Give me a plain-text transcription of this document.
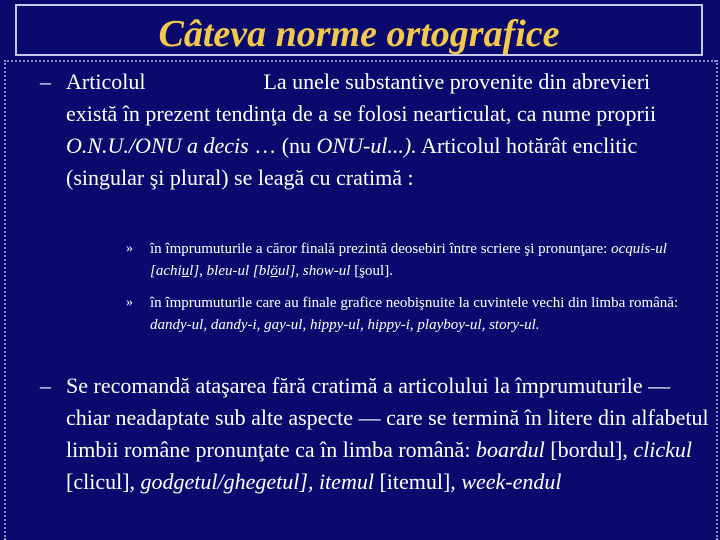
Câteva norme ortografice
– Articolul	La unele substantive provenite din abrevieri există în prezent tendinţa de a se folosi nearticulat, ca nume proprii O.N.U./ONU a decis … (nu ONU-ul...). Articolul hotărât enclitic (singular şi plural) se leagă cu cratimă :
» în împrumuturile a căror finală prezintă deosebiri între scriere şi pronunţare: ocquis-ul [achiul], bleu-ul [blöul], show-ul [şoul].
» în împrumuturile care au finale grafice neobişnuite la cuvintele vechi din limba română: dandy-ul, dandy-i, gay-ul, hippy-ul, hippy-i, playboy-ul, story-ul.
– Se recomandă ataşarea fără cratimă a articolului la împrumuturile — chiar neadaptate sub alte aspecte — care se termină în litere din alfabetul limbii române pronunţate ca în limba română: boardul [bordul], clickul [clicul], godgetul/ghegetul], itemul [itemul], week-endul
